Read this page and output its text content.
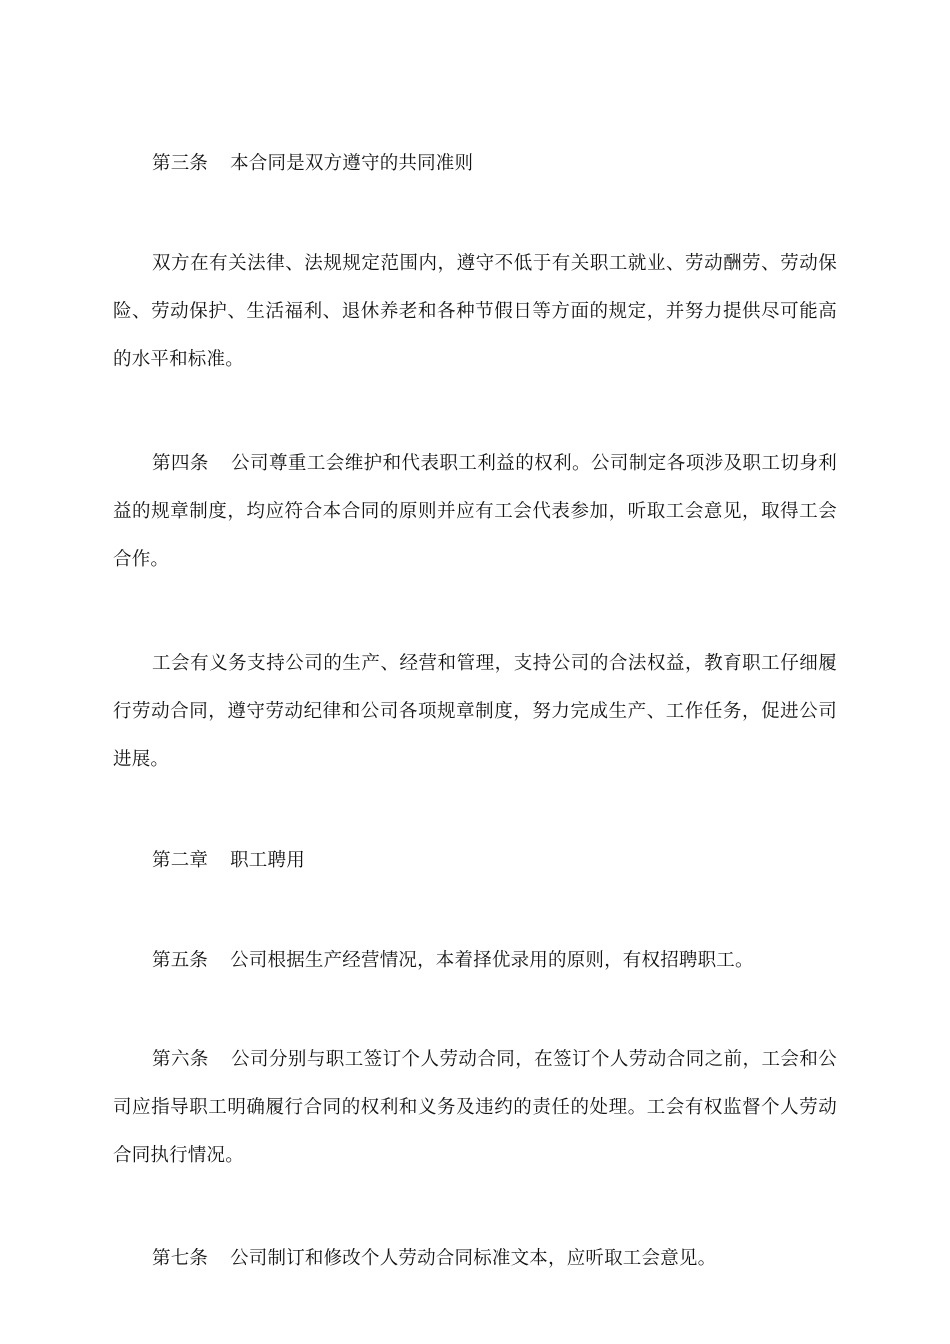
第三条 本合同是双方遵守的共同准则

双方在有关法律、法规规定范围内，遵守不低于有关职工就业、劳动酬劳、劳动保险、劳动保护、生活福利、退休养老和各种节假日等方面的规定，并努力提供尽可能高的水平和标准。

第四条 公司尊重工会维护和代表职工利益的权利。公司制定各项涉及职工切身利益的规章制度，均应符合本合同的原则并应有工会代表参加，听取工会意见，取得工会合作。

工会有义务支持公司的生产、经营和管理，支持公司的合法权益，教育职工仔细履行劳动合同，遵守劳动纪律和公司各项规章制度，努力完成生产、工作任务，促进公司进展。

第二章 职工聘用

第五条 公司根据生产经营情况，本着择优录用的原则，有权招聘职工。

第六条 公司分别与职工签订个人劳动合同，在签订个人劳动合同之前，工会和公司应指导职工明确履行合同的权利和义务及违约的责任的处理。工会有权监督个人劳动合同执行情况。

第七条 公司制订和修改个人劳动合同标准文本，应听取工会意见。
